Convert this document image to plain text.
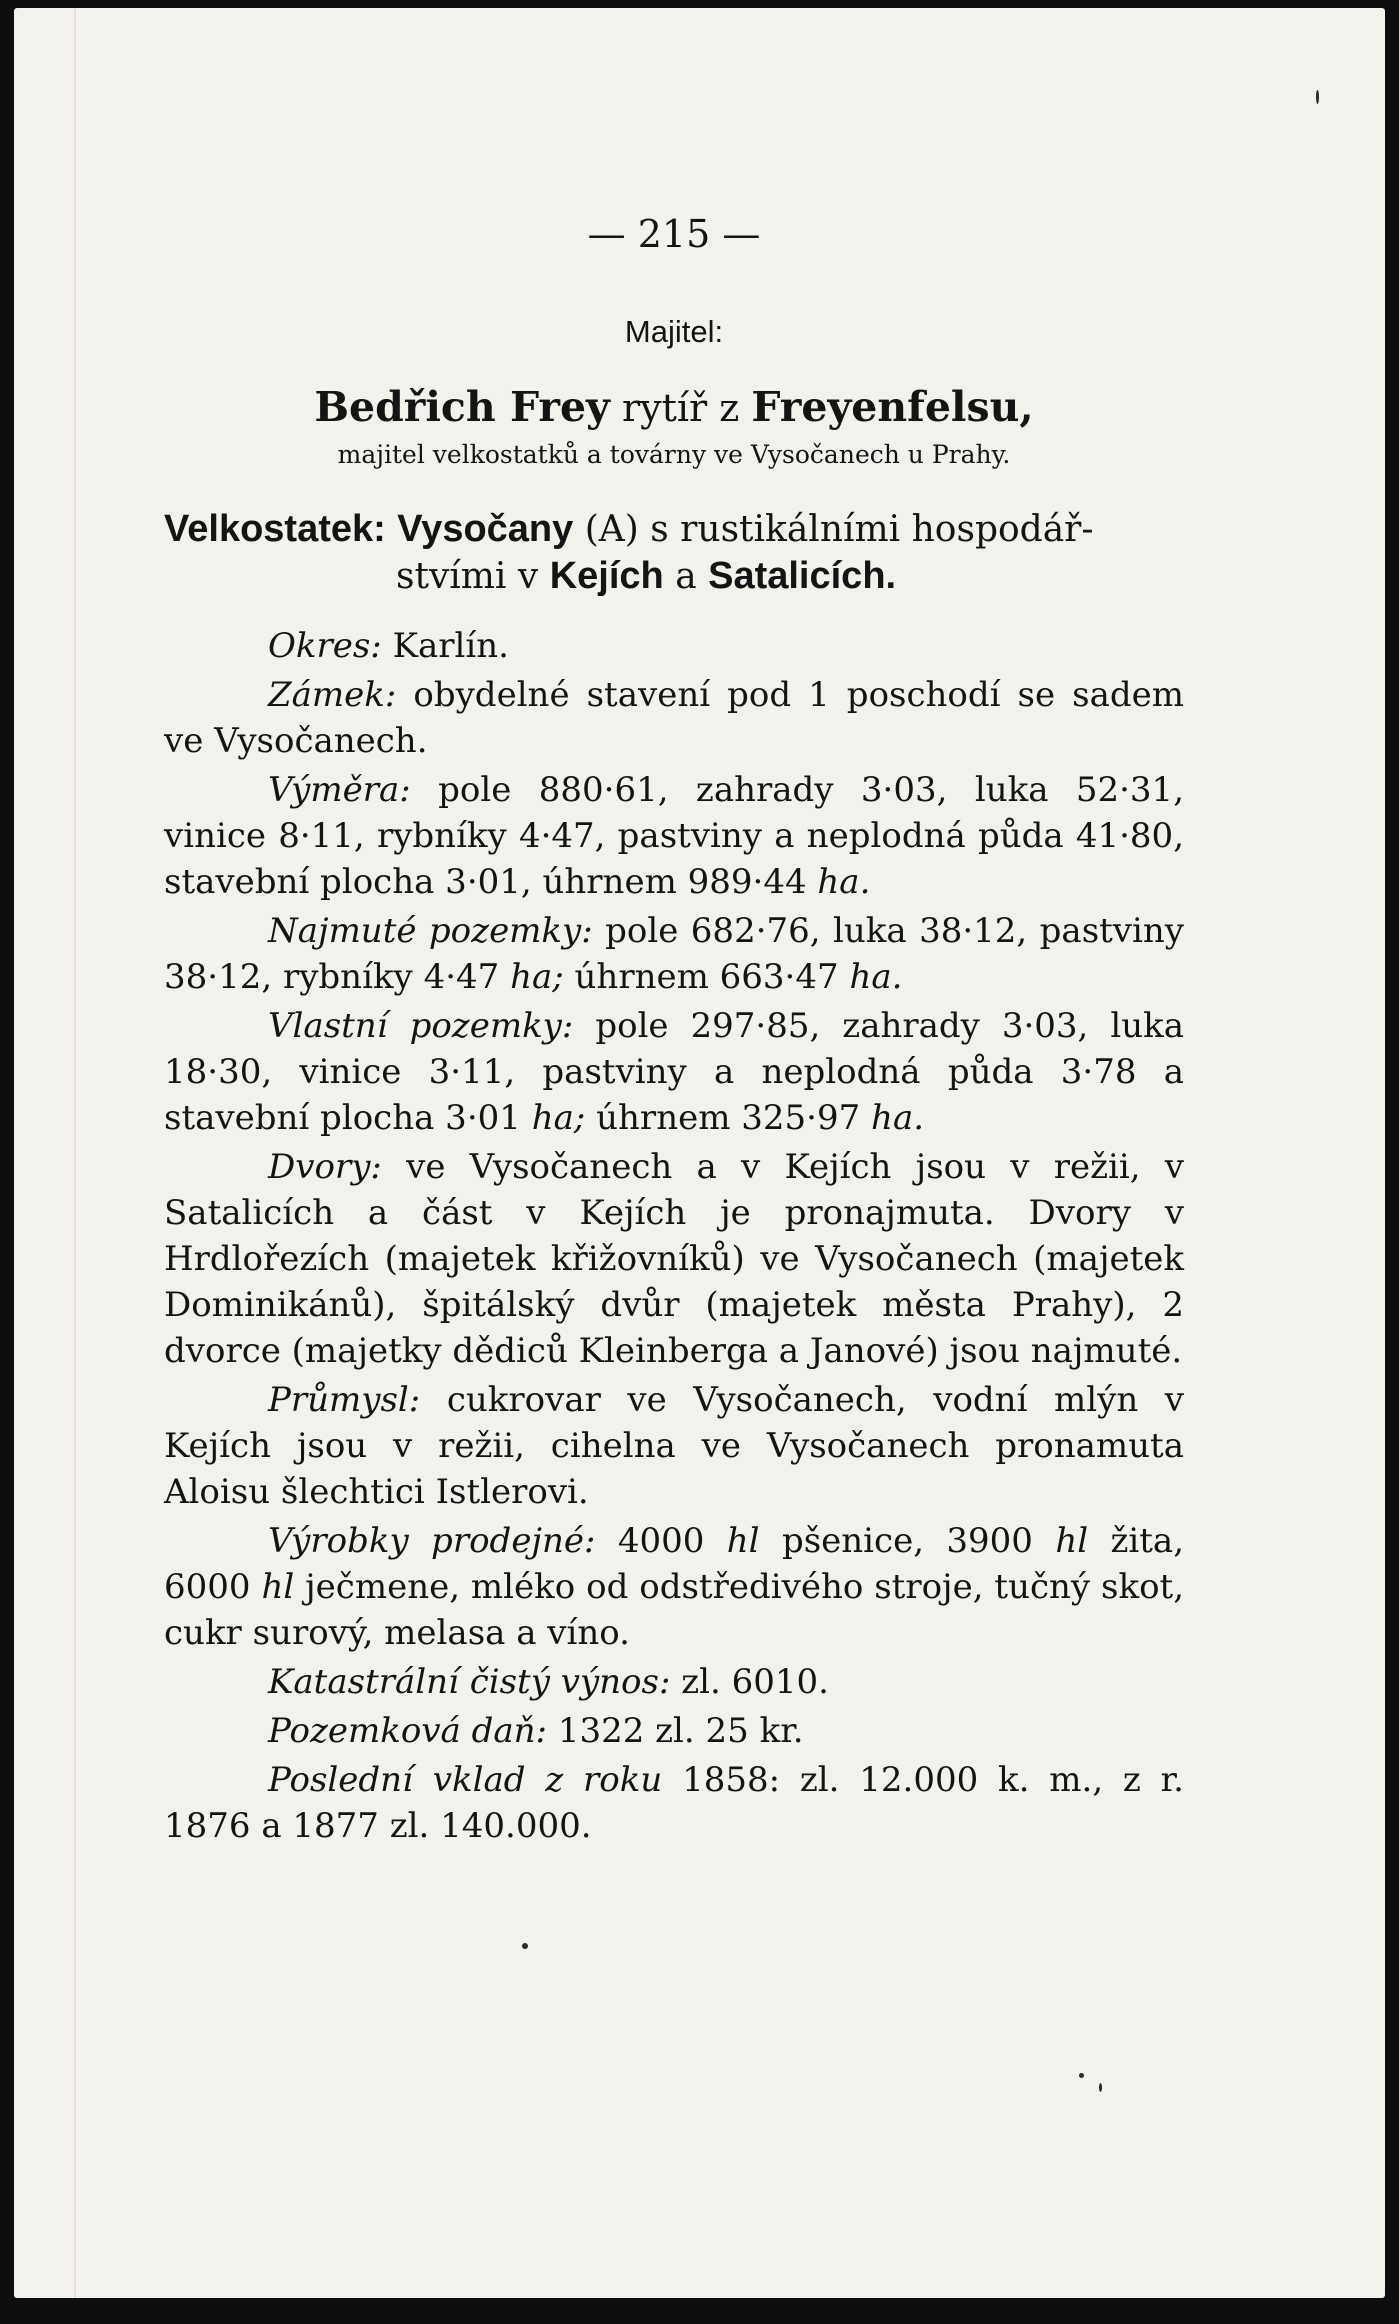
— 215 —
Majitel:
Bedřich Frey rytíř z Freyenfelsu,
majitel velkostatků a továrny ve Vysočanech u Prahy.
Velkostatek: Vysočany (A) s rustikálními hospodář-
stvími v Kejích a Satalicích.

Okres: Karlín.

Zámek: obydelné stavení pod 1 poschodí se sadem ve Vysočanech.

Výměra: pole 880·61, zahrady 3·03, luka 52·31, vinice 8·11, rybníky 4·47, pastviny a neplodná půda 41·80, stavební plocha 3·01, úhrnem 989·44 ha.

Najmuté pozemky: pole 682·76, luka 38·12, pastviny 38·12, rybníky 4·47 ha; úhrnem 663·47 ha.

Vlastní pozemky: pole 297·85, zahrady 3·03, luka 18·30, vinice 3·11, pastviny a neplodná půda 3·78 a stavební plocha 3·01 ha; úhrnem 325·97 ha.

Dvory: ve Vysočanech a v Kejích jsou v režii, v Satalicích a část v Kejích je pronajmuta. Dvory v Hrdlořezích (majetek křižovníků) ve Vysočanech (majetek Dominikánů), špitálský dvůr (majetek města Prahy), 2 dvorce (majetky dědiců Kleinberga a Janové) jsou najmuté.

Průmysl: cukrovar ve Vysočanech, vodní mlýn v Kejích jsou v režii, cihelna ve Vysočanech pronamuta Aloisu šlechtici Istlerovi.

Výrobky prodejné: 4000 hl pšenice, 3900 hl žita, 6000 hl ječmene, mléko od odstředivého stroje, tučný skot, cukr surový, melasa a víno.

Katastrální čistý výnos: zl. 6010.

Pozemková daň: 1322 zl. 25 kr.

Poslední vklad z roku 1858: zl. 12.000 k. m., z r. 1876 a 1877 zl. 140.000.
